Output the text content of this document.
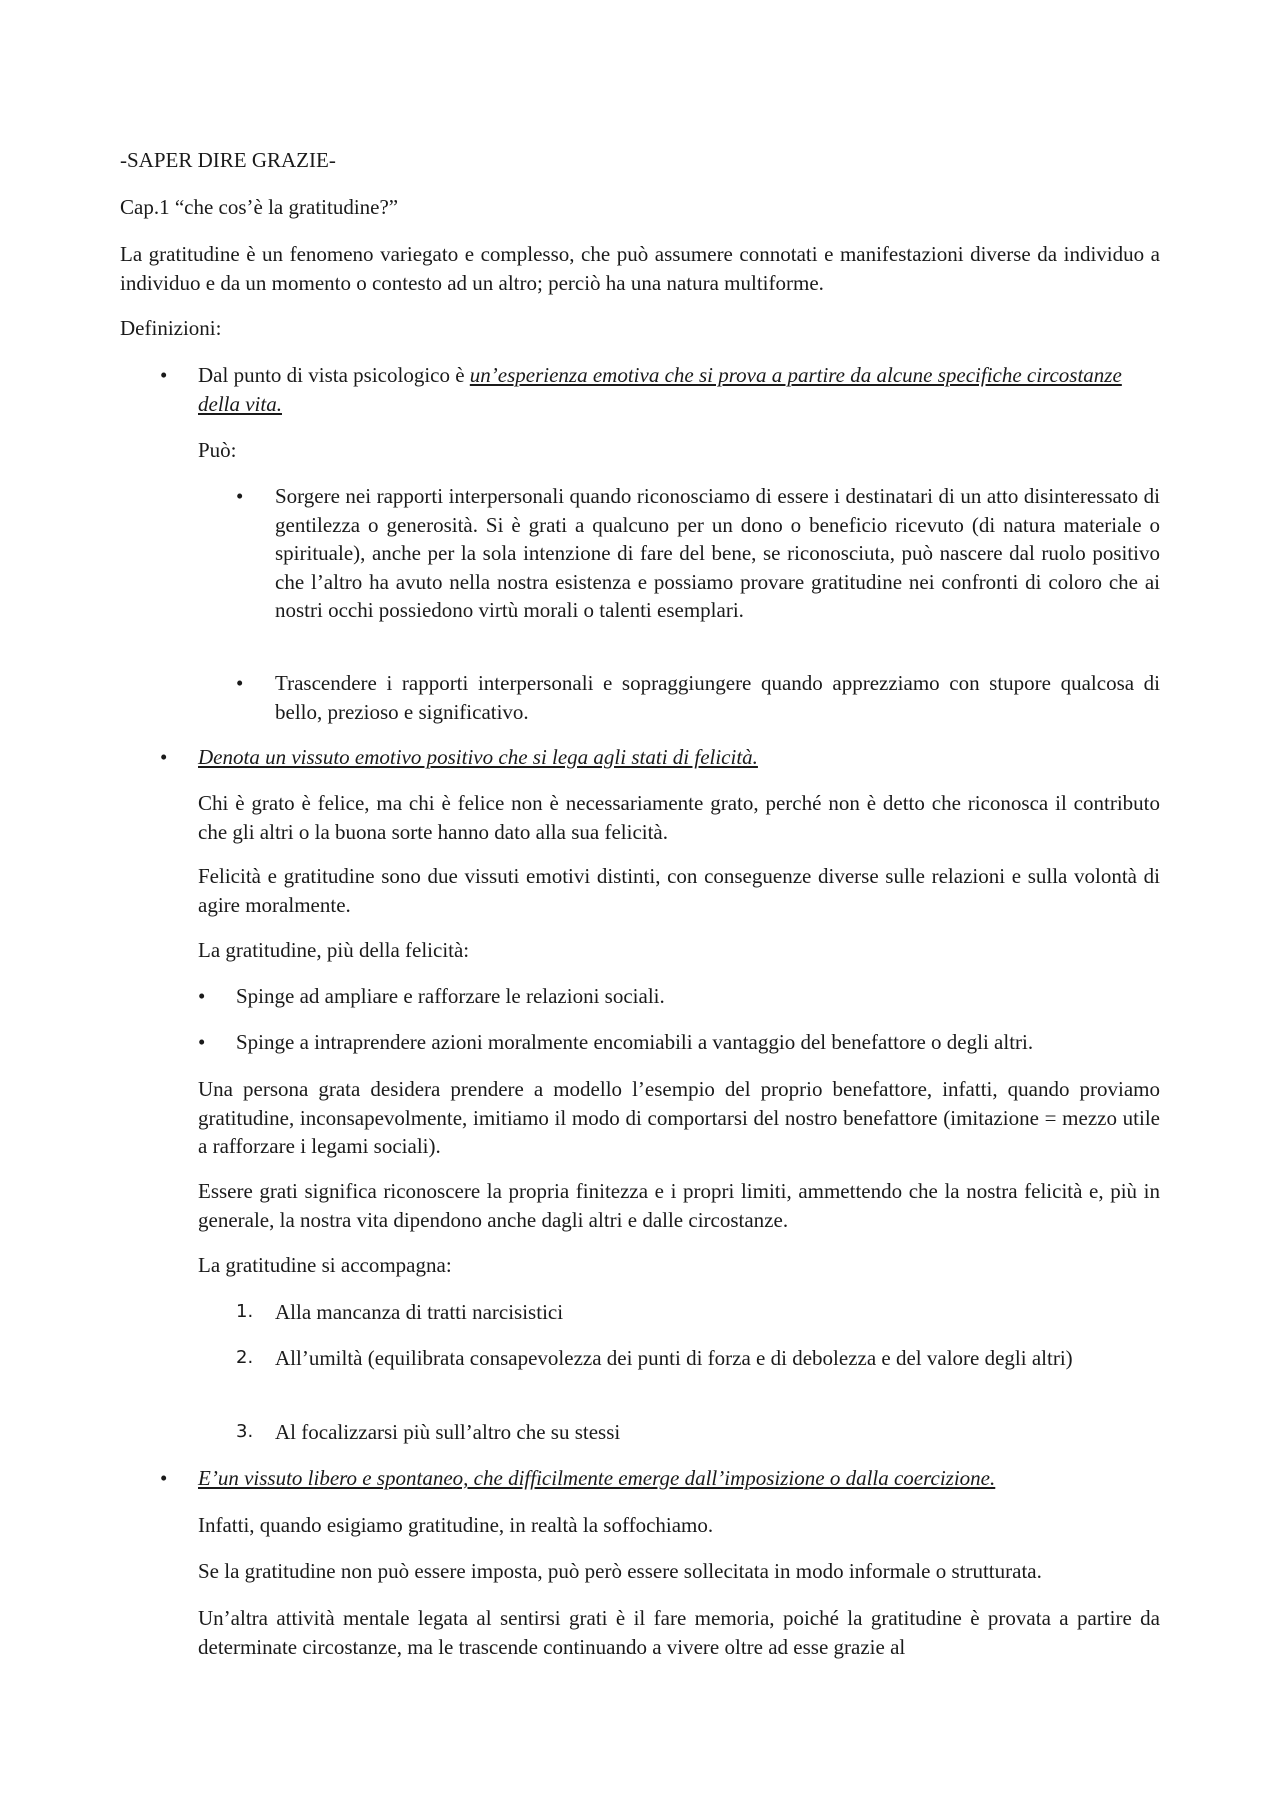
-SAPER DIRE GRAZIE-

Cap.1 “che cos’è la gratitudine?”

La gratitudine è un fenomeno variegato e complesso, che può assumere connotati e manifestazioni diverse da individuo a individuo e da un momento o contesto ad un altro; perciò ha una natura multiforme.

Definizioni:

• Dal punto di vista psicologico è un’esperienza emotiva che si prova a partire da alcune specifiche circostanze della vita.

Può:

• Sorgere nei rapporti interpersonali quando riconosciamo di essere i destinatari di un atto disinteressato di gentilezza o generosità. Si è grati a qualcuno per un dono o beneficio ricevuto (di natura materiale o spirituale), anche per la sola intenzione di fare del bene, se riconosciuta, può nascere dal ruolo positivo che l’altro ha avuto nella nostra esistenza e possiamo provare gratitudine nei confronti di coloro che ai nostri occhi possiedono virtù morali o talenti esemplari.

• Trascendere i rapporti interpersonali e sopraggiungere quando apprezziamo con stupore qualcosa di bello, prezioso e significativo.

• Denota un vissuto emotivo positivo che si lega agli stati di felicità.

Chi è grato è felice, ma chi è felice non è necessariamente grato, perché non è detto che riconosca il contributo che gli altri o la buona sorte hanno dato alla sua felicità.

Felicità e gratitudine sono due vissuti emotivi distinti, con conseguenze diverse sulle relazioni e sulla volontà di agire moralmente.

La gratitudine, più della felicità:

• Spinge ad ampliare e rafforzare le relazioni sociali.

• Spinge a intraprendere azioni moralmente encomiabili a vantaggio del benefattore o degli altri.

Una persona grata desidera prendere a modello l’esempio del proprio benefattore, infatti, quando proviamo gratitudine, inconsapevolmente, imitiamo il modo di comportarsi del nostro benefattore (imitazione = mezzo utile a rafforzare i legami sociali).

Essere grati significa riconoscere la propria finitezza e i propri limiti, ammettendo che la nostra felicità e, più in generale, la nostra vita dipendono anche dagli altri e dalle circostanze.

La gratitudine si accompagna:

1. Alla mancanza di tratti narcisistici

2. All’umiltà (equilibrata consapevolezza dei punti di forza e di debolezza e del valore degli altri)

3. Al focalizzarsi più sull’altro che su stessi

• E’un vissuto libero e spontaneo, che difficilmente emerge dall’imposizione o dalla coercizione.

Infatti, quando esigiamo gratitudine, in realtà la soffochiamo.

Se la gratitudine non può essere imposta, può però essere sollecitata in modo informale o strutturata.

Un’altra attività mentale legata al sentirsi grati è il fare memoria, poiché la gratitudine è provata a partire da determinate circostanze, ma le trascende continuando a vivere oltre ad esse grazie al
